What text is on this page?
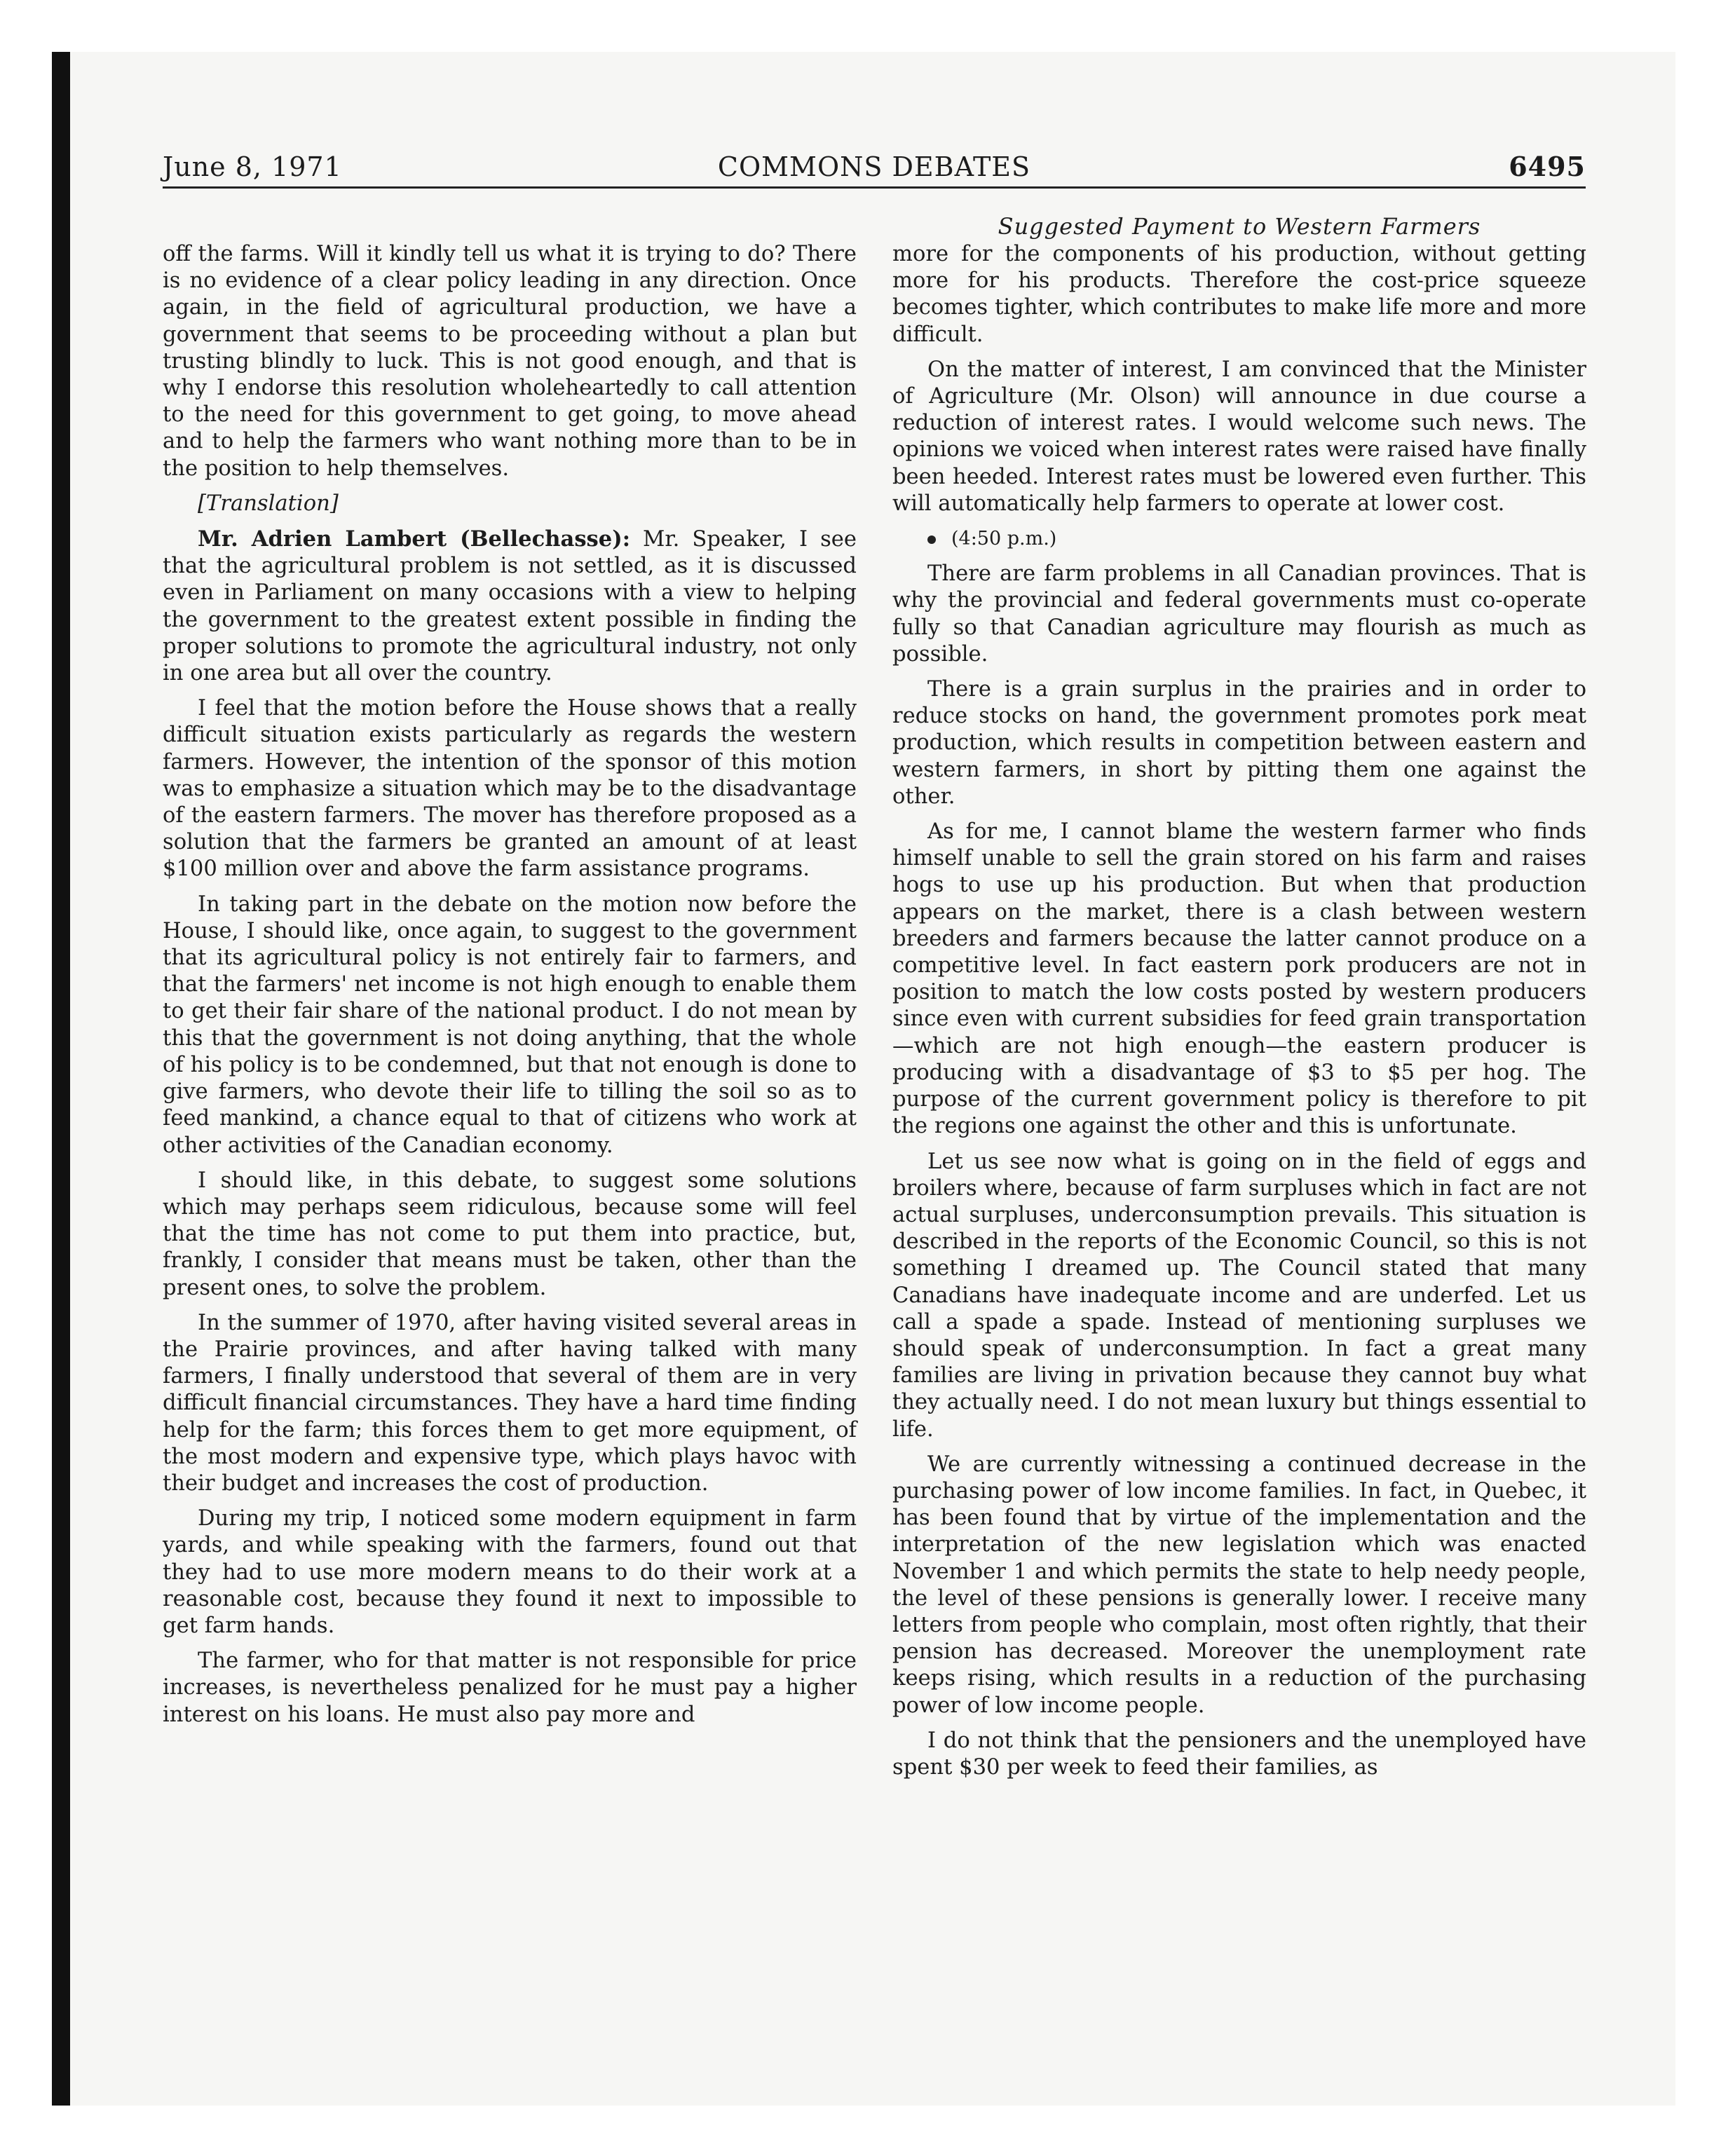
June 8, 1971	COMMONS DEBATES	6495
Suggested Payment to Western Farmers

off the farms. Will it kindly tell us what it is trying to do? There is no evidence of a clear policy leading in any direction. Once again, in the field of agricultural production, we have a government that seems to be proceeding without a plan but trusting blindly to luck. This is not good enough, and that is why I endorse this resolution wholeheartedly to call attention to the need for this government to get going, to move ahead and to help the farmers who want nothing more than to be in the position to help themselves.

[Translation]

Mr. Adrien Lambert (Bellechasse): Mr. Speaker, I see that the agricultural problem is not settled, as it is discussed even in Parliament on many occasions with a view to helping the government to the greatest extent possible in finding the proper solutions to promote the agricultural industry, not only in one area but all over the country.

I feel that the motion before the House shows that a really difficult situation exists particularly as regards the western farmers. However, the intention of the sponsor of this motion was to emphasize a situation which may be to the disadvantage of the eastern farmers. The mover has therefore proposed as a solution that the farmers be granted an amount of at least $100 million over and above the farm assistance programs.

In taking part in the debate on the motion now before the House, I should like, once again, to suggest to the government that its agricultural policy is not entirely fair to farmers, and that the farmers' net income is not high enough to enable them to get their fair share of the national product. I do not mean by this that the government is not doing anything, that the whole of his policy is to be condemned, but that not enough is done to give farmers, who devote their life to tilling the soil so as to feed mankind, a chance equal to that of citizens who work at other activities of the Canadian economy.

I should like, in this debate, to suggest some solutions which may perhaps seem ridiculous, because some will feel that the time has not come to put them into practice, but, frankly, I consider that means must be taken, other than the present ones, to solve the problem.

In the summer of 1970, after having visited several areas in the Prairie provinces, and after having talked with many farmers, I finally understood that several of them are in very difficult financial circumstances. They have a hard time finding help for the farm; this forces them to get more equipment, of the most modern and expensive type, which plays havoc with their budget and increases the cost of production.

During my trip, I noticed some modern equipment in farm yards, and while speaking with the farmers, found out that they had to use more modern means to do their work at a reasonable cost, because they found it next to impossible to get farm hands.

The farmer, who for that matter is not responsible for price increases, is nevertheless penalized for he must pay a higher interest on his loans. He must also pay more and

more for the components of his production, without getting more for his products. Therefore the cost-price squeeze becomes tighter, which contributes to make life more and more difficult.

On the matter of interest, I am convinced that the Minister of Agriculture (Mr. Olson) will announce in due course a reduction of interest rates. I would welcome such news. The opinions we voiced when interest rates were raised have finally been heeded. Interest rates must be lowered even further. This will automatically help farmers to operate at lower cost.

(4:50 p.m.)

There are farm problems in all Canadian provinces. That is why the provincial and federal governments must co-operate fully so that Canadian agriculture may flourish as much as possible.

There is a grain surplus in the prairies and in order to reduce stocks on hand, the government promotes pork meat production, which results in competition between eastern and western farmers, in short by pitting them one against the other.

As for me, I cannot blame the western farmer who finds himself unable to sell the grain stored on his farm and raises hogs to use up his production. But when that production appears on the market, there is a clash between western breeders and farmers because the latter cannot produce on a competitive level. In fact eastern pork producers are not in position to match the low costs posted by western producers since even with current subsidies for feed grain transportation—which are not high enough—the eastern producer is producing with a disadvantage of $3 to $5 per hog. The purpose of the current government policy is therefore to pit the regions one against the other and this is unfortunate.

Let us see now what is going on in the field of eggs and broilers where, because of farm surpluses which in fact are not actual surpluses, underconsumption prevails. This situation is described in the reports of the Economic Council, so this is not something I dreamed up. The Council stated that many Canadians have inadequate income and are underfed. Let us call a spade a spade. Instead of mentioning surpluses we should speak of underconsumption. In fact a great many families are living in privation because they cannot buy what they actually need. I do not mean luxury but things essential to life.

We are currently witnessing a continued decrease in the purchasing power of low income families. In fact, in Quebec, it has been found that by virtue of the implementation and the interpretation of the new legislation which was enacted November 1 and which permits the state to help needy people, the level of these pensions is generally lower. I receive many letters from people who complain, most often rightly, that their pension has decreased. Moreover the unemployment rate keeps rising, which results in a reduction of the purchasing power of low income people.

I do not think that the pensioners and the unemployed have spent $30 per week to feed their families, as
